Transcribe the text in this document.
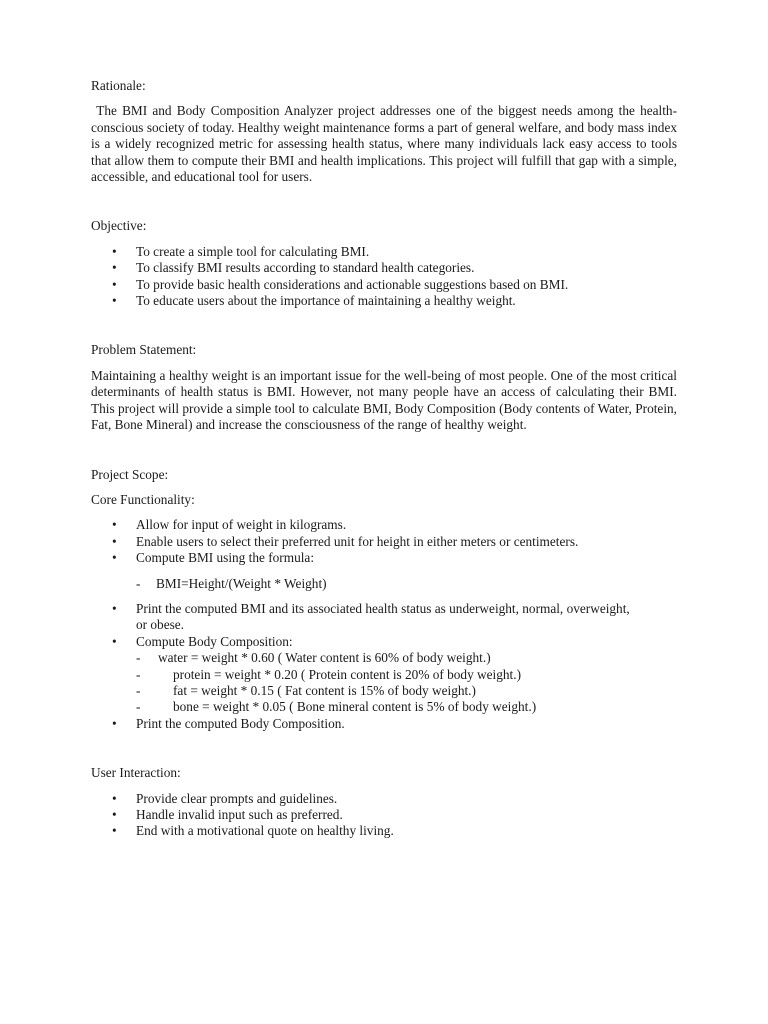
Rationale:

The BMI and Body Composition Analyzer project addresses one of the biggest needs among the health-conscious society of today. Healthy weight maintenance forms a part of general welfare, and body mass index is a widely recognized metric for assessing health status, where many individuals lack easy access to tools that allow them to compute their BMI and health implications. This project will fulfill that gap with a simple, accessible, and educational tool for users.

Objective:

• To create a simple tool for calculating BMI.
• To classify BMI results according to standard health categories.
• To provide basic health considerations and actionable suggestions based on BMI.
• To educate users about the importance of maintaining a healthy weight.

Problem Statement:

Maintaining a healthy weight is an important issue for the well-being of most people. One of the most critical determinants of health status is BMI. However, not many people have an access of calculating their BMI. This project will provide a simple tool to calculate BMI, Body Composition (Body contents of Water, Protein, Fat, Bone Mineral) and increase the consciousness of the range of healthy weight.

Project Scope:

Core Functionality:

• Allow for input of weight in kilograms.
• Enable users to select their preferred unit for height in either meters or centimeters.
• Compute BMI using the formula:
-	BMI=Height/(Weight * Weight)
• Print the computed BMI and its associated health status as underweight, normal, overweight, or obese.
• Compute Body Composition:
-	water = weight * 0.60 ( Water content is 60% of body weight.)
-	protein = weight * 0.20 ( Protein content is 20% of body weight.)
-	fat = weight * 0.15 ( Fat content is 15% of body weight.)
-	bone = weight * 0.05 ( Bone mineral content is 5% of body weight.)
• Print the computed Body Composition.

User Interaction:

• Provide clear prompts and guidelines.
• Handle invalid input such as preferred.
• End with a motivational quote on healthy living.
